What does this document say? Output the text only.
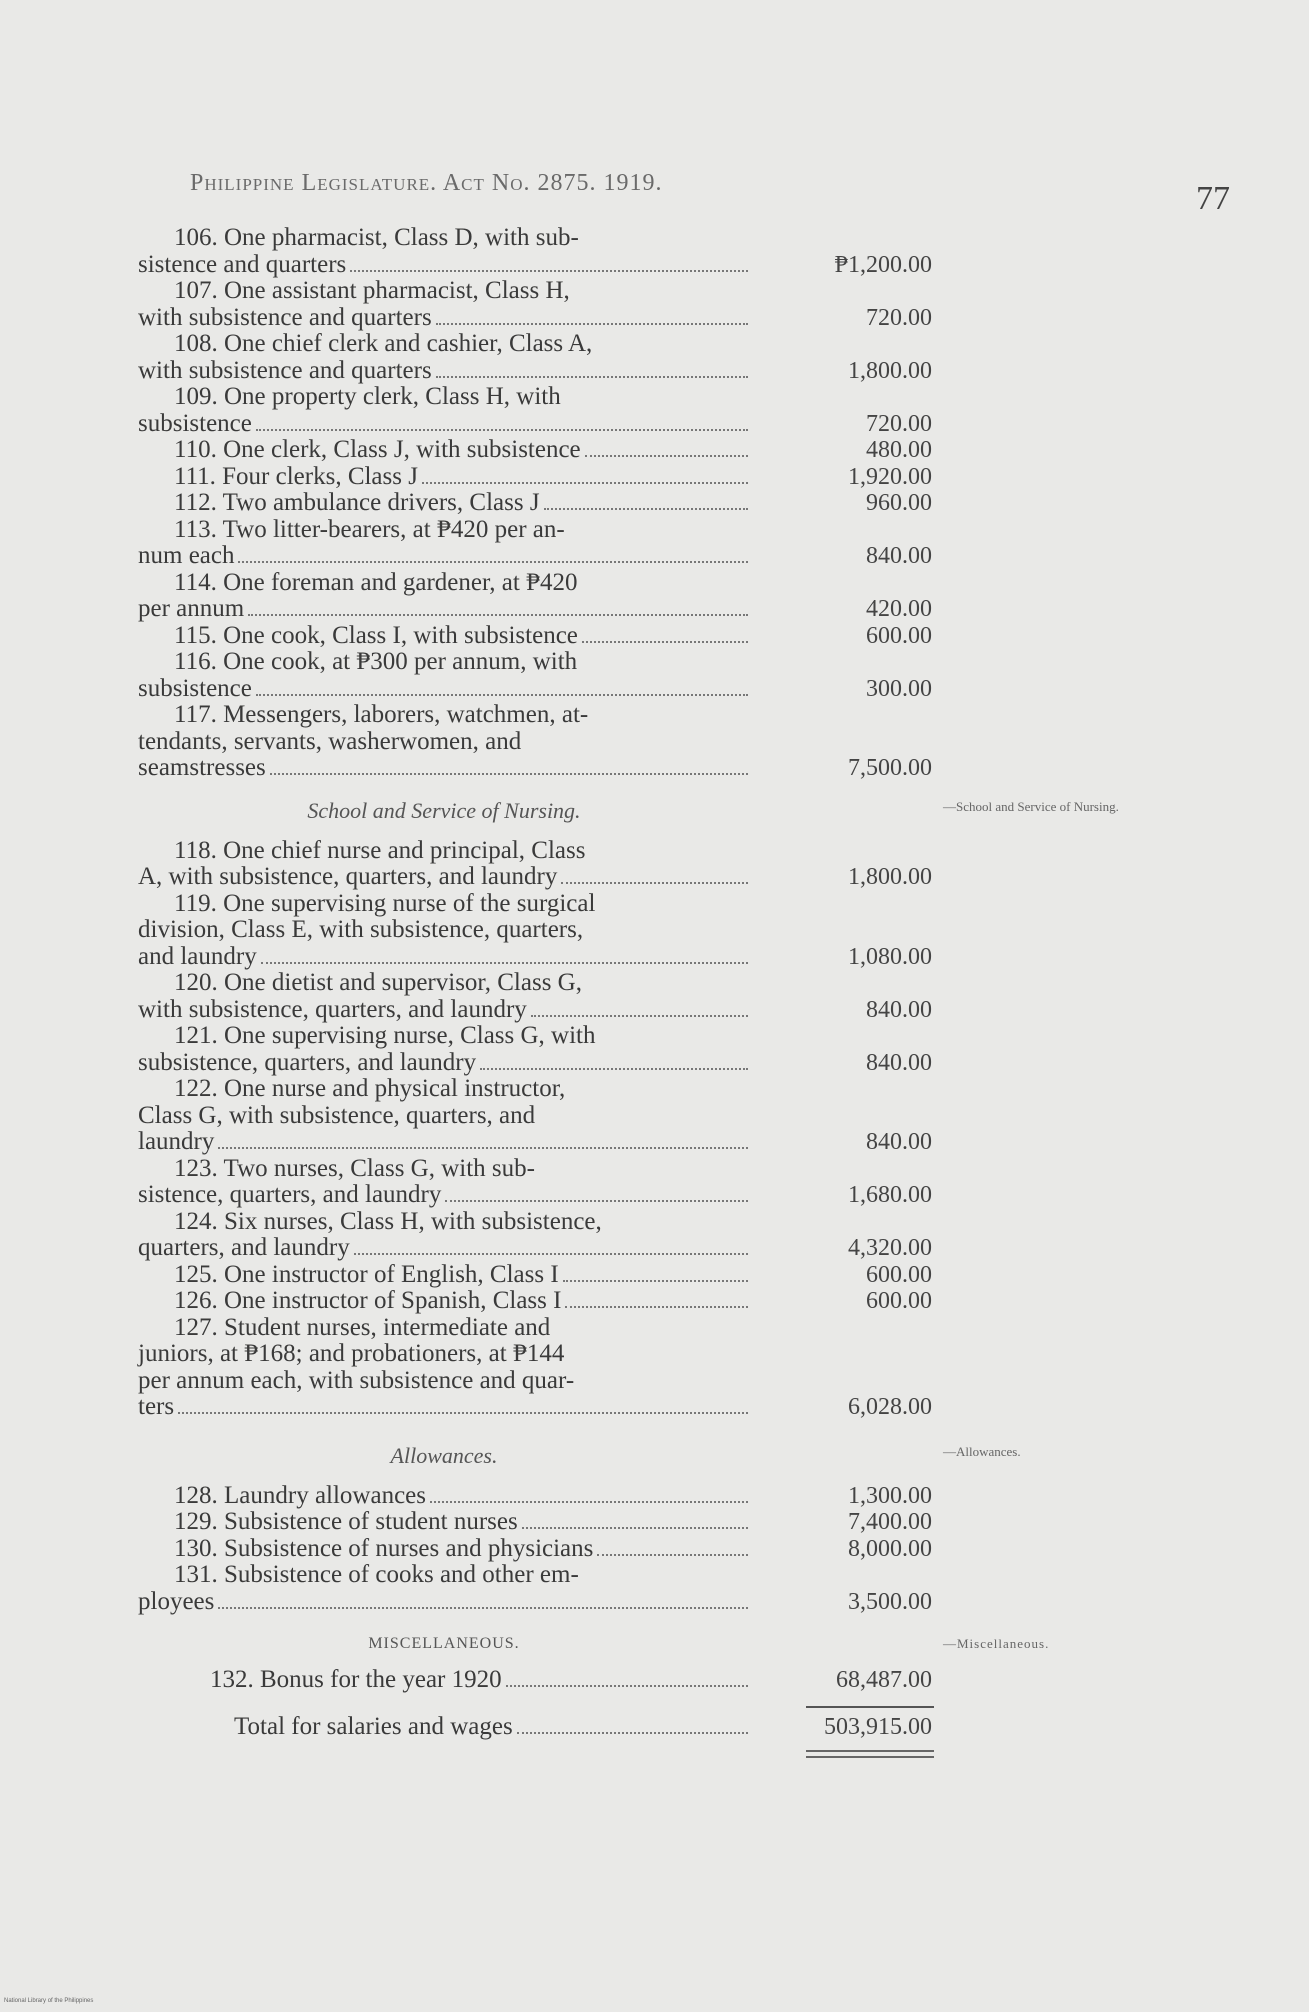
Philippine Legislature. Act No. 2875. 1919.	77
106. One pharmacist, Class D, with sub-

sistence and quarters	₱1,200.00
107. One assistant pharmacist, Class H,

with subsistence and quarters	720.00
108. One chief clerk and cashier, Class A,

with subsistence and quarters	1,800.00
109. One property clerk, Class H, with

subsistence	720.00

110. One clerk, Class J, with subsistence	480.00

111. Four clerks, Class J	1,920.00

112. Two ambulance drivers, Class J	960.00
113. Two litter-bearers, at ₱420 per an-

num each	840.00
114. One foreman and gardener, at ₱420

per annum	420.00

115. One cook, Class I, with subsistence	600.00
116. One cook, at ₱300 per annum, with

subsistence	300.00
117. Messengers, laborers, watchmen, at-
tendants, servants, washerwomen, and

seamstresses	7,500.00
School and Service of Nursing.	—School and Service of Nursing.
118. One chief nurse and principal, Class

A, with subsistence, quarters, and laundry	1,800.00
119. One supervising nurse of the surgical
division, Class E, with subsistence, quarters,

and laundry	1,080.00
120. One dietist and supervisor, Class G,

with subsistence, quarters, and laundry	840.00
121. One supervising nurse, Class G, with

subsistence, quarters, and laundry	840.00
122. One nurse and physical instructor,
Class G, with subsistence, quarters, and

laundry	840.00
123. Two nurses, Class G, with sub-

sistence, quarters, and laundry	1,680.00
124. Six nurses, Class H, with subsistence,

quarters, and laundry	4,320.00

125. One instructor of English, Class I	600.00

126. One instructor of Spanish, Class I	600.00
127. Student nurses, intermediate and
juniors, at ₱168; and probationers, at ₱144
per annum each, with subsistence and quar-

ters	6,028.00
Allowances.	—Allowances.

128. Laundry allowances	1,300.00

129. Subsistence of student nurses	7,400.00

130. Subsistence of nurses and physicians	8,000.00
131. Subsistence of cooks and other em-

ployees	3,500.00
MISCELLANEOUS.	—Miscellaneous.

132. Bonus for the year 1920	68,487.00

Total for salaries and wages	503,915.00
National Library of the Philippines
